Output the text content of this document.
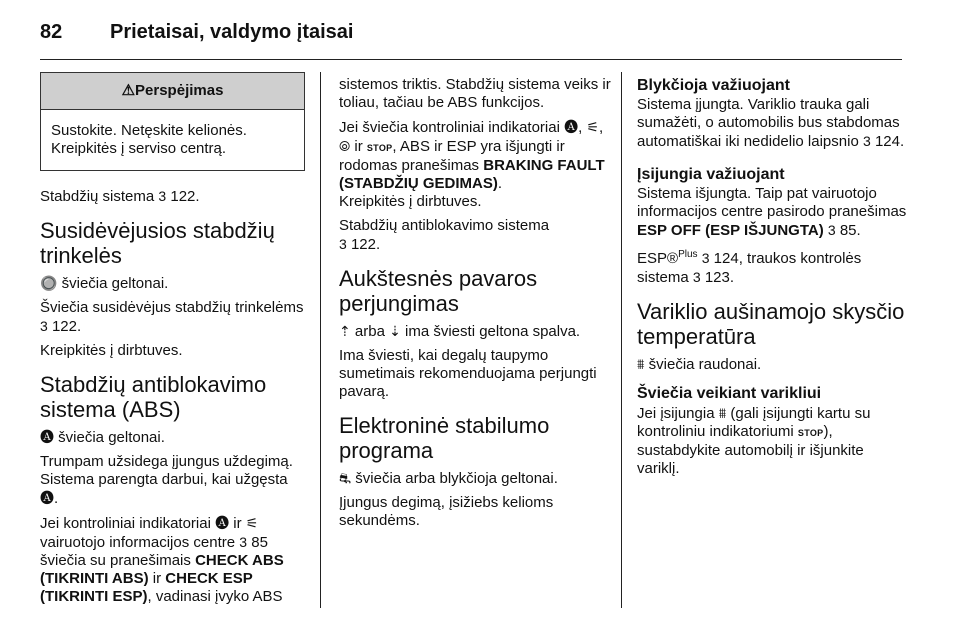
82 Prietaisai, valdymo įtaisai
⚠ Perspėjimas
Sustokite. Netęskite kelionės. Kreipkitės į serviso centrą.

Stabdžių sistema 3 122.

Susidėvėjusios stabdžių trinkelės

🔘 šviečia geltonai.

Šviečia susidėvėjus stabdžių trinkelėms 3 122.

Kreipkitės į dirbtuves.

Stabdžių antiblokavimo sistema (ABS)

🅐 šviečia geltonai.

Trumpam užsidega įjungus uždegimą. Sistema parengta darbui, kai užgęsta 🅐.

Jei kontroliniai indikatoriai 🅐 ir ⚟ vairuotojo informacijos centre 3 85 šviečia su pranešimais CHECK ABS (TIKRINTI ABS) ir CHECK ESP (TIKRINTI ESP), vadinasi įvyko ABS

sistemos triktis. Stabdžių sistema veiks ir toliau, tačiau be ABS funkcijos.

Jei šviečia kontroliniai indikatoriai 🅐, ⚟, ⦾ ir STOP, ABS ir ESP yra išjungti ir rodomas pranešimas BRAKING FAULT (STABDŽIŲ GEDIMAS).
Kreipkitės į dirbtuves.

Stabdžių antiblokavimo sistema
3 122.

Aukštesnės pavaros perjungimas

⇡ arba ⇣ ima šviesti geltona spalva.

Ima šviesti, kai degalų taupymo sumetimais rekomenduojama perjungti pavarą.

Elektroninė stabilumo programa

⛐ šviečia arba blykčioja geltonai.

Įjungus degimą, įsižiebs kelioms sekundėms.

Blykčioja važiuojant

Sistema įjungta. Variklio trauka gali sumažėti, o automobilis bus stabdomas automatiškai iki nedidelio laipsnio 3 124.

Įsijungia važiuojant

Sistema išjungta. Taip pat vairuotojo informacijos centre pasirodo pranešimas ESP OFF (ESP IŠJUNGTA) 3 85.

ESP®$^{Plus}$ 3 124, traukos kontrolės sistema 3 123.

Variklio aušinamojo skysčio temperatūra

⩩ šviečia raudonai.

Šviečia veikiant varikliui

Jei įsijungia ⩩ (gali įsijungti kartu su kontroliniu indikatoriumi STOP), sustabdykite automobilį ir išjunkite variklį.
